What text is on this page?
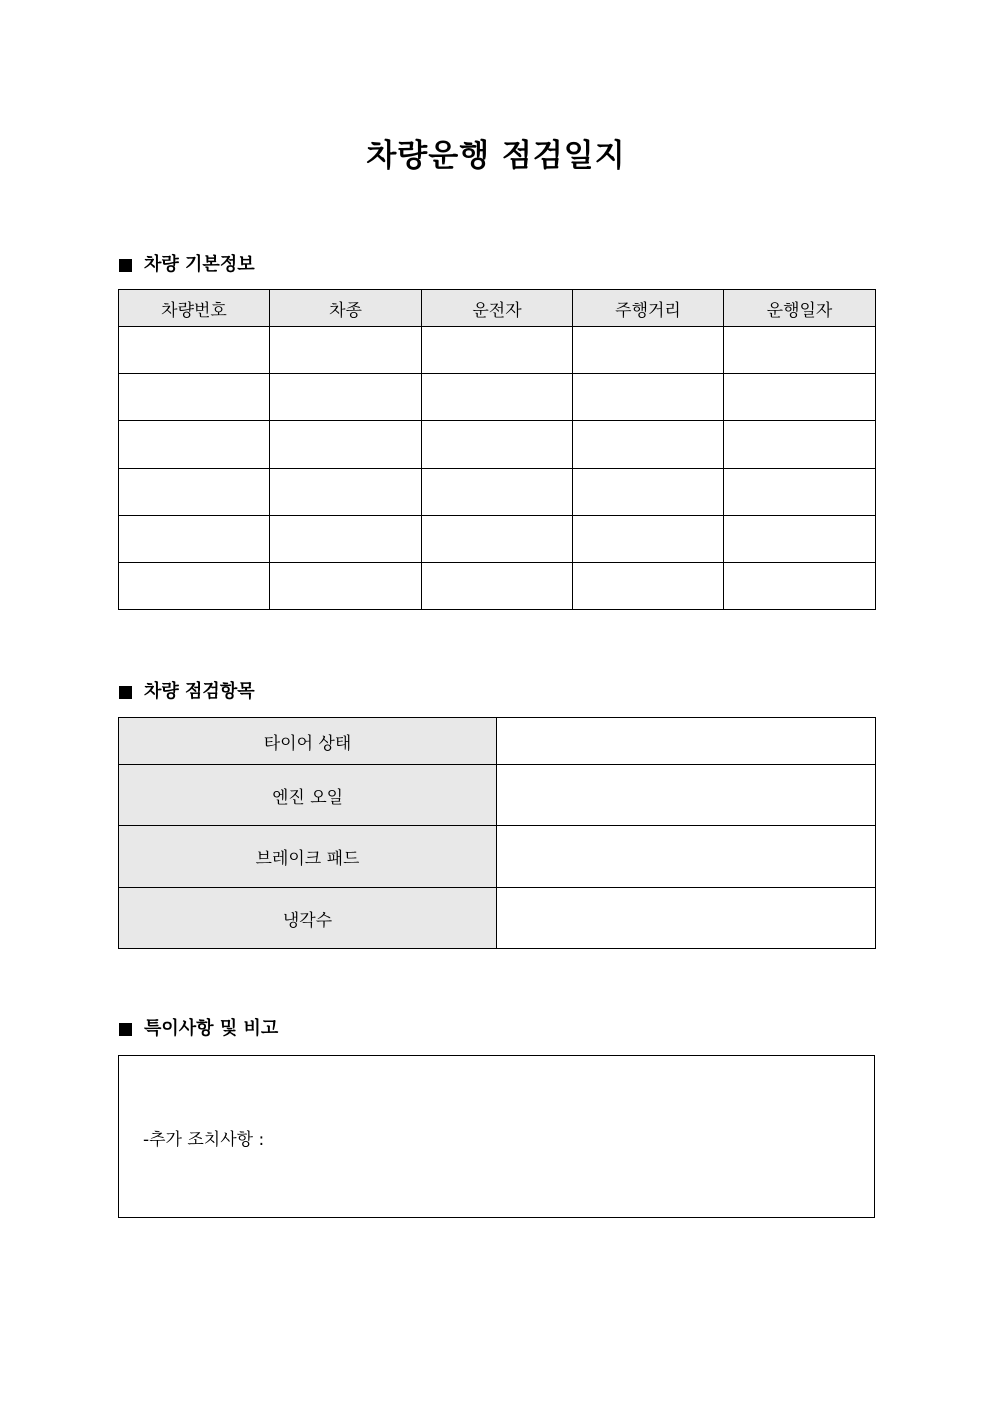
차량운행 점검일지
차량 기본정보
차량번호	차종	운전자	주행거리	운행일자

차량 점검항목
타이어 상태	
엔진 오일	
브레이크 패드	
냉각수	
특이사항 및 비고
-추가 조치사항 :
